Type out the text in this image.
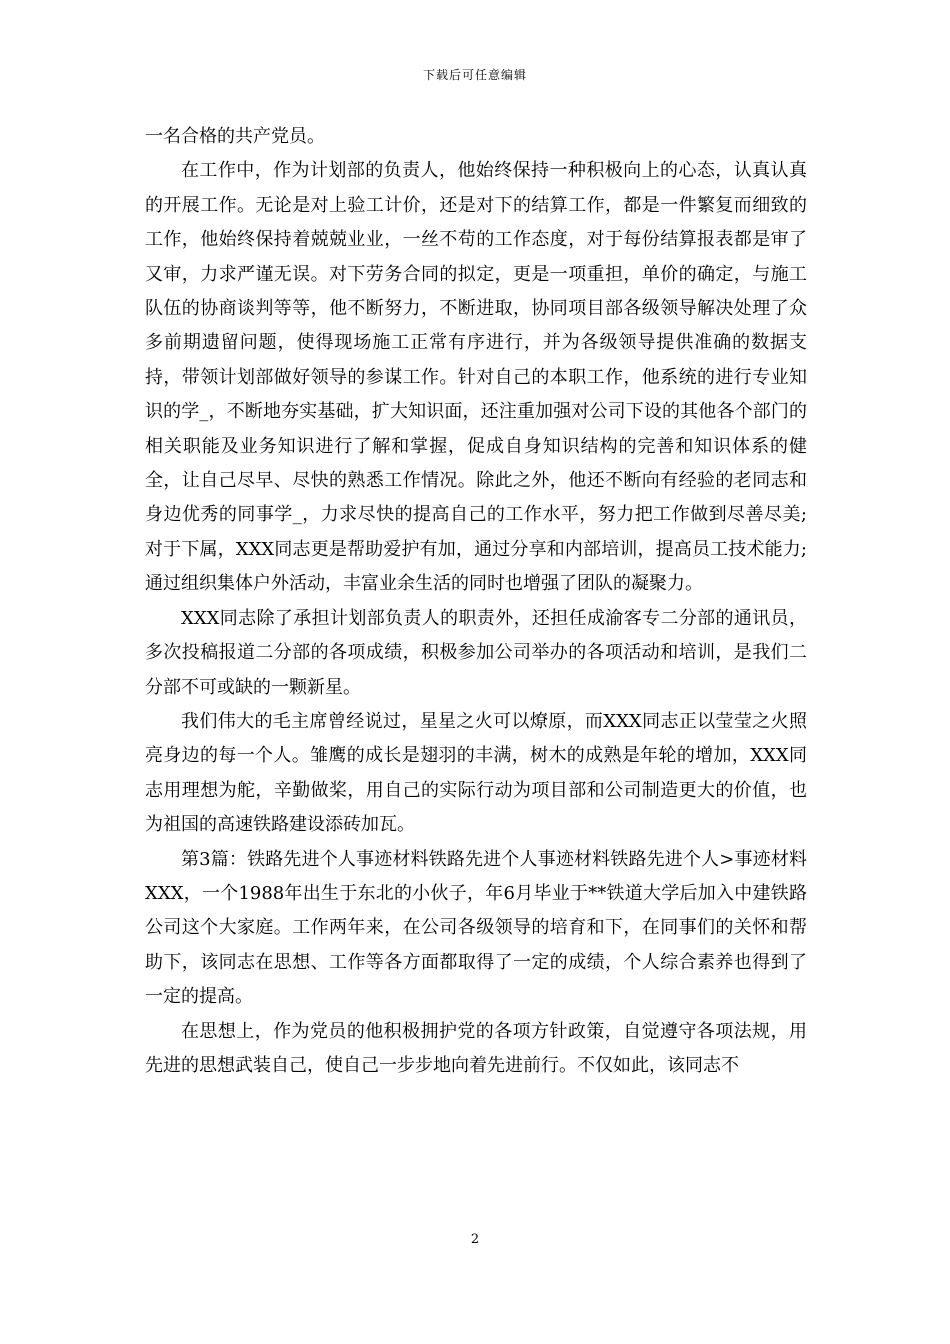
下载后可任意编辑

一名合格的共产党员。

在工作中，作为计划部的负责人，他始终保持一种积极向上的心态，认真认真的开展工作。无论是对上验工计价，还是对下的结算工作，都是一件繁复而细致的工作，他始终保持着兢兢业业，一丝不苟的工作态度，对于每份结算报表都是审了又审，力求严谨无误。对下劳务合同的拟定，更是一项重担，单价的确定，与施工队伍的协商谈判等等，他不断努力，不断进取，协同项目部各级领导解决处理了众多前期遗留问题，使得现场施工正常有序进行，并为各级领导提供准确的数据支持，带领计划部做好领导的参谋工作。针对自己的本职工作，他系统的进行专业知识的学_，不断地夯实基础，扩大知识面，还注重加强对公司下设的其他各个部门的相关职能及业务知识进行了解和掌握，促成自身知识结构的完善和知识体系的健全，让自己尽早、尽快的熟悉工作情况。除此之外，他还不断向有经验的老同志和身边优秀的同事学_，力求尽快的提高自己的工作水平，努力把工作做到尽善尽美;对于下属，XXX同志更是帮助爱护有加，通过分享和内部培训，提高员工技术能力;通过组织集体户外活动，丰富业余生活的同时也增强了团队的凝聚力。

XXX同志除了承担计划部负责人的职责外，还担任成渝客专二分部的通讯员，多次投稿报道二分部的各项成绩，积极参加公司举办的各项活动和培训，是我们二分部不可或缺的一颗新星。

我们伟大的毛主席曾经说过，星星之火可以燎原，而XXX同志正以莹莹之火照亮身边的每一个人。雏鹰的成长是翅羽的丰满，树木的成熟是年轮的增加，XXX同志用理想为舵，辛勤做桨，用自己的实际行动为项目部和公司制造更大的价值，也为祖国的高速铁路建设添砖加瓦。

第3篇：铁路先进个人事迹材料铁路先进个人事迹材料铁路先进个人>事迹材料XXX，一个1988年出生于东北的小伙子，年6月毕业于**铁道大学后加入中建铁路公司这个大家庭。工作两年来，在公司各级领导的培育和下，在同事们的关怀和帮助下，该同志在思想、工作等各方面都取得了一定的成绩，个人综合素养也得到了一定的提高。

在思想上，作为党员的他积极拥护党的各项方针政策，自觉遵守各项法规，用先进的思想武装自己，使自己一步步地向着先进前行。不仅如此，该同志不

2
